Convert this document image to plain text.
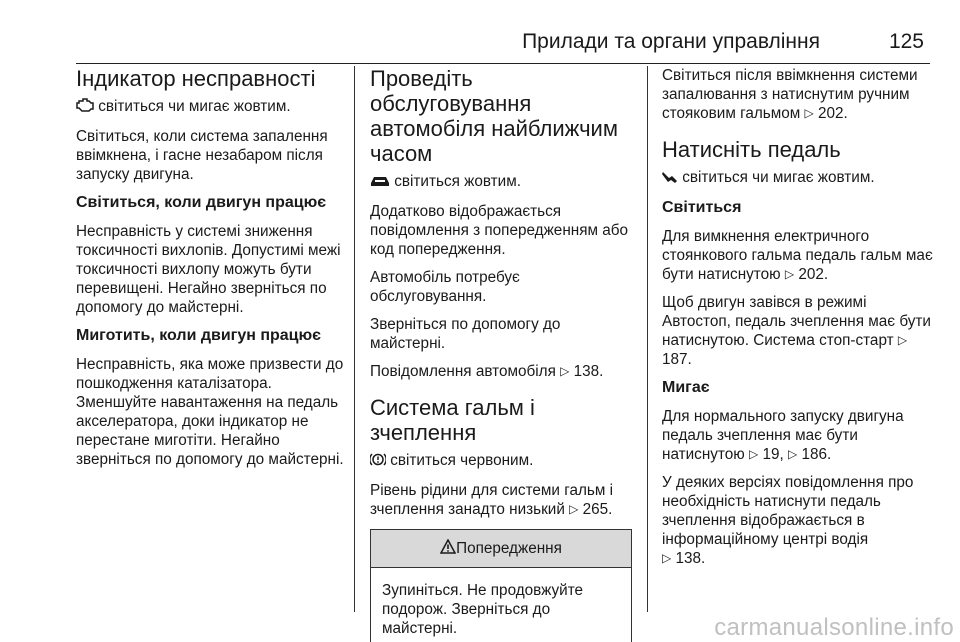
Прилади та органи управління	125
Індикатор несправності

світиться чи мигає жовтим.

Світиться, коли система запалення ввімкнена, і гасне незабаром після запуску двигуна.

Світиться, коли двигун працює

Несправність у системі зниження токсичності вихлопів. Допустимі межі токсичності вихлопу можуть бути перевищені. Негайно зверніться по допомогу до майстерні.

Миготить, коли двигун працює

Несправність, яка може призвести до пошкодження каталізатора. Зменшуйте навантаження на педаль акселератора, доки індикатор не перестане миготіти. Негайно зверніться по допомогу до майстерні.

Проведіть обслуговування автомобіля найближчим часом

світиться жовтим.

Додатково відображається повідомлення з попередженням або код попередження.

Автомобіль потребує обслуговування.

Зверніться по допомогу до майстерні.

Повідомлення автомобіля ▷ 138.

Система гальм і зчеплення

світиться червоним.

Рівень рідини для системи гальм і зчеплення занадто низький ▷ 265.

Попередження
Зупиніться. Не продовжуйте подорож. Зверніться до майстерні.

Світиться після ввімкнення системи запалювання з натиснутим ручним стояковим гальмом ▷ 202.

Натисніть педаль

світиться чи мигає жовтим.

Світиться

Для вимкнення електричного стоянкового гальма педаль гальм має бути натиснутою ▷ 202.

Щоб двигун завівся в режимі Автостоп, педаль зчеплення має бути натиснутою. Система стоп-старт ▷ 187.

Мигає

Для нормального запуску двигуна педаль зчеплення має бути натиснутою ▷ 19, ▷ 186.

У деяких версіях повідомлення про необхідність натиснути педаль зчеплення відображається в інформаційному центрі водія
▷ 138.

carmanualsonline.info
